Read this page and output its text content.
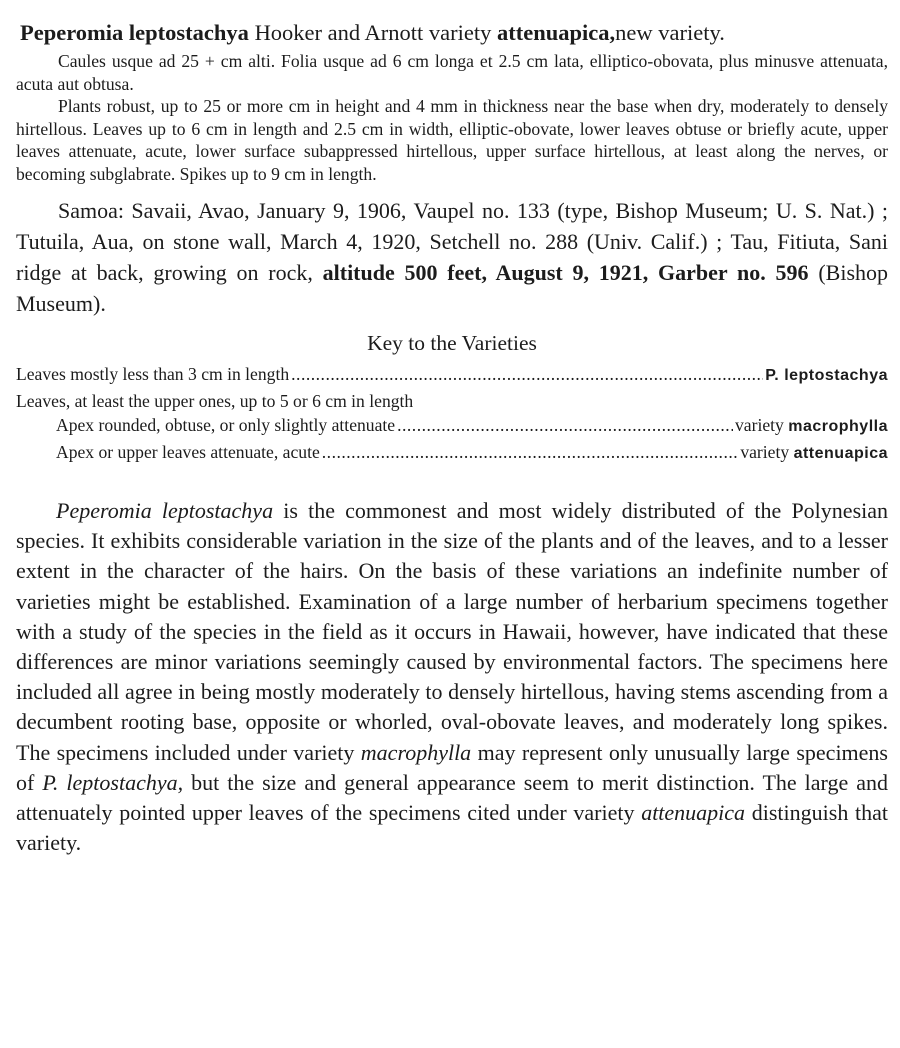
Peperomia leptostachya Hooker and Arnott variety attenuapica,new variety.

Caules usque ad 25 + cm alti. Folia usque ad 6 cm longa et 2.5 cm lata, elliptico-obovata, plus minusve attenuata, acuta aut obtusa.

Plants robust, up to 25 or more cm in height and 4 mm in thickness near the base when dry, moderately to densely hirtellous. Leaves up to 6 cm in length and 2.5 cm in width, elliptic-obovate, lower leaves obtuse or briefly acute, upper leaves attenuate, acute, lower surface subappressed hirtellous, upper surface hirtellous, at least along the nerves, or becoming subglabrate. Spikes up to 9 cm in length.

Samoa: Savaii, Avao, January 9, 1906, Vaupel no. 133 (type, Bishop Museum; U. S. Nat.) ; Tutuila, Aua, on stone wall, March 4, 1920, Setchell no. 288 (Univ. Calif.) ; Tau, Fitiuta, Sani ridge at back, growing on rock, altitude 500 feet, August 9, 1921, Garber no. 596 (Bishop Museum).

Key to the Varieties
Leaves mostly less than 3 cm in length .....	P. leptostachya
Leaves, at least the upper ones, up to 5 or 6 cm in length
Apex rounded, obtuse, or only slightly attenuate .....	variety macrophylla
Apex or upper leaves attenuate, acute .....	variety attenuapica

Peperomia leptostachya is the commonest and most widely distributed of the Polynesian species. It exhibits considerable variation in the size of the plants and of the leaves, and to a lesser extent in the character of the hairs. On the basis of these variations an indefinite number of varieties might be established. Examination of a large number of herbarium specimens together with a study of the species in the field as it occurs in Hawaii, however, have indicated that these differences are minor variations seemingly caused by environmental factors. The specimens here included all agree in being mostly moderately to densely hirtellous, having stems ascending from a decumbent rooting base, opposite or whorled, oval-obovate leaves, and moderately long spikes. The specimens included under variety macrophylla may represent only unusually large specimens of P. leptostachya, but the size and general appearance seem to merit distinction. The large and attenuately pointed upper leaves of the specimens cited under variety attenuapica distinguish that variety.
